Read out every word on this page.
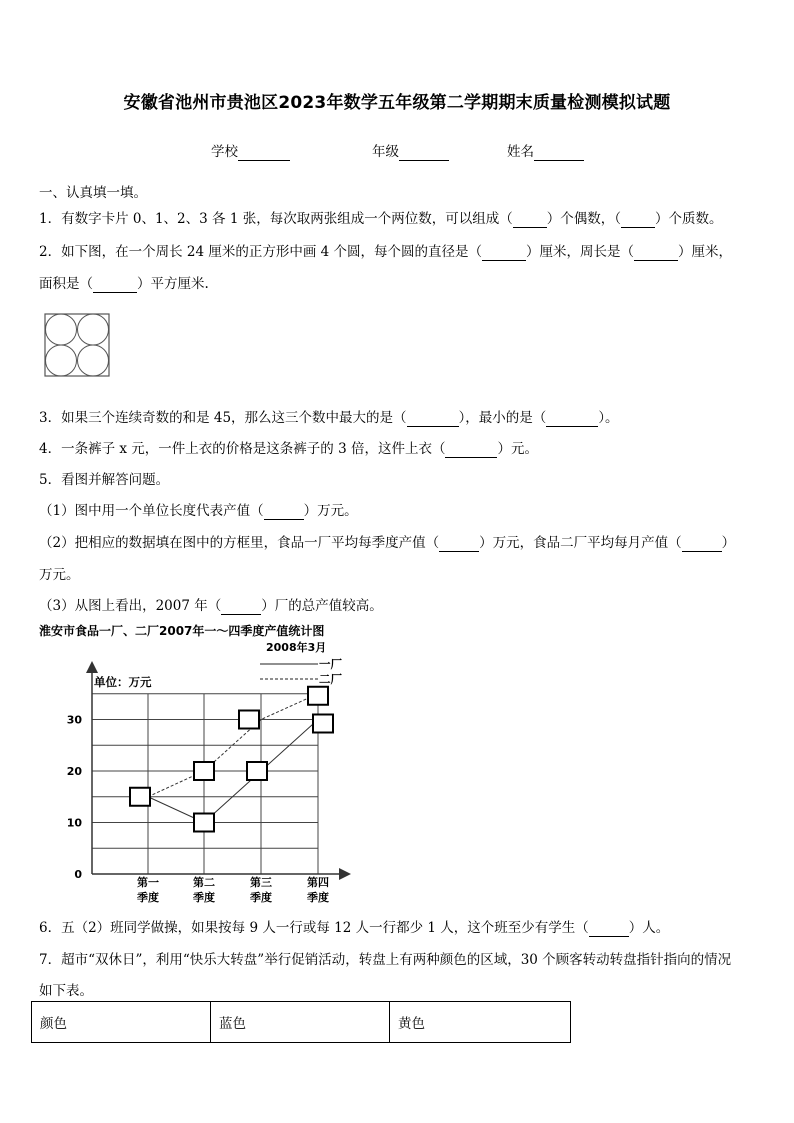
安徽省池州市贵池区2023年数学五年级第二学期期末质量检测模拟试题
学校	年级	姓名
一、认真填一填。
1．有数字卡片 0、1、2、3 各 1 张，每次取两张组成一个两位数，可以组成（	）个偶数，（	）个质数。
2．如下图，在一个周长 24 厘米的正方形中画 4 个圆，每个圆的直径是（	）厘米，周长是（	）厘米，
面积是（	）平方厘米.
3．如果三个连续奇数的和是 45，那么这三个数中最大的是（	），最小的是（	）。
4．一条裤子 x 元，一件上衣的价格是这条裤子的 3 倍，这件上衣（	）元。
5．看图并解答问题。
（1）图中用一个单位长度代表产值（	）万元。
（2）把相应的数据填在图中的方框里，食品一厂平均每季度产值（	）万元，食品二厂平均每月产值（	）
万元。
（3）从图上看出，2007 年（	）厂的总产值较高。
淮安市食品一厂、二厂2007年一～四季度产值统计图
2008年3月
一厂
二厂
单位：万元
0
10
20
30
第一
季度
第二
季度
第三
季度
第四
季度
6．五（2）班同学做操，如果按每 9 人一行或每 12 人一行都少 1 人，这个班至少有学生（	）人。
7．超市“双休日”，利用“快乐大转盘”举行促销活动，转盘上有两种颜色的区域，30 个顾客转动转盘指针指向的情况
如下表。
颜色	蓝色	黄色
